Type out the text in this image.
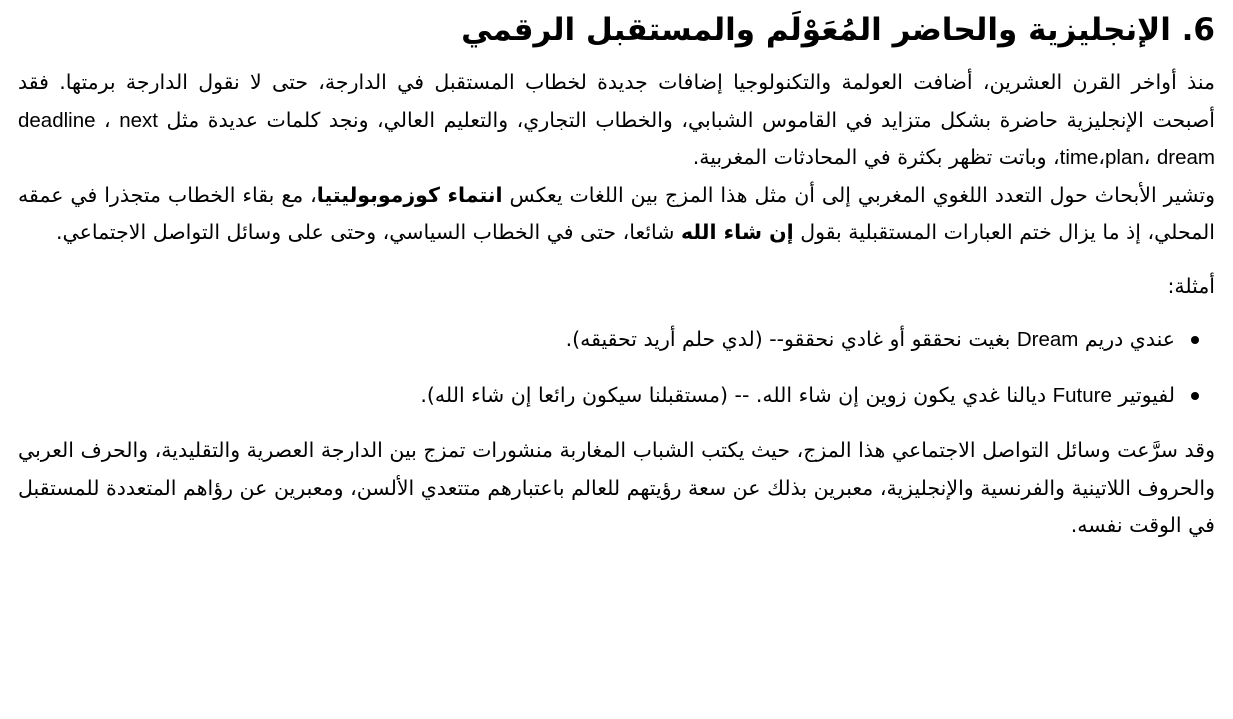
6. الإنجليزية والحاضر المُعَوْلَم والمستقبل الرقمي

منذ أواخر القرن العشرين، أضافت العولمة والتكنولوجيا إضافات جديدة لخطاب المستقبل في الدارجة، حتى لا نقول الدارجة برمتها. فقد أصبحت الإنجليزية حاضرة بشكل متزايد في القاموس الشبابي، والخطاب التجاري، والتعليم العالي، ونجد كلمات عديدة مثل deadline ، next time،plan، dream، وباتت تظهر بكثرة في المحادثات المغربية.

وتشير الأبحاث حول التعدد اللغوي المغربي إلى أن مثل هذا المزج بين اللغات يعكس انتماء كوزموبوليتيا، مع بقاء الخطاب متجذرا في عمقه المحلي، إذ ما يزال ختم العبارات المستقبلية بقول إن شاء الله شائعا، حتى في الخطاب السياسي، وحتى على وسائل التواصل الاجتماعي.

أمثلة:

عندي دريم Dream بغيت نحققو أو غادي نحققو-- (لدي حلم أريد تحقيقه).
لفيوتير Future ديالنا غدي يكون زوين إن شاء الله. -- (مستقبلنا سيكون رائعا إن شاء الله).

وقد سرَّعت وسائل التواصل الاجتماعي هذا المزج، حيث يكتب الشباب المغاربة منشورات تمزج بين الدارجة العصرية والتقليدية، والحرف العربي والحروف اللاتينية والفرنسية والإنجليزية، معبرين بذلك عن سعة رؤيتهم للعالم باعتبارهم متتعدي الألسن، ومعبرين عن رؤاهم المتعددة للمستقبل في الوقت نفسه.
